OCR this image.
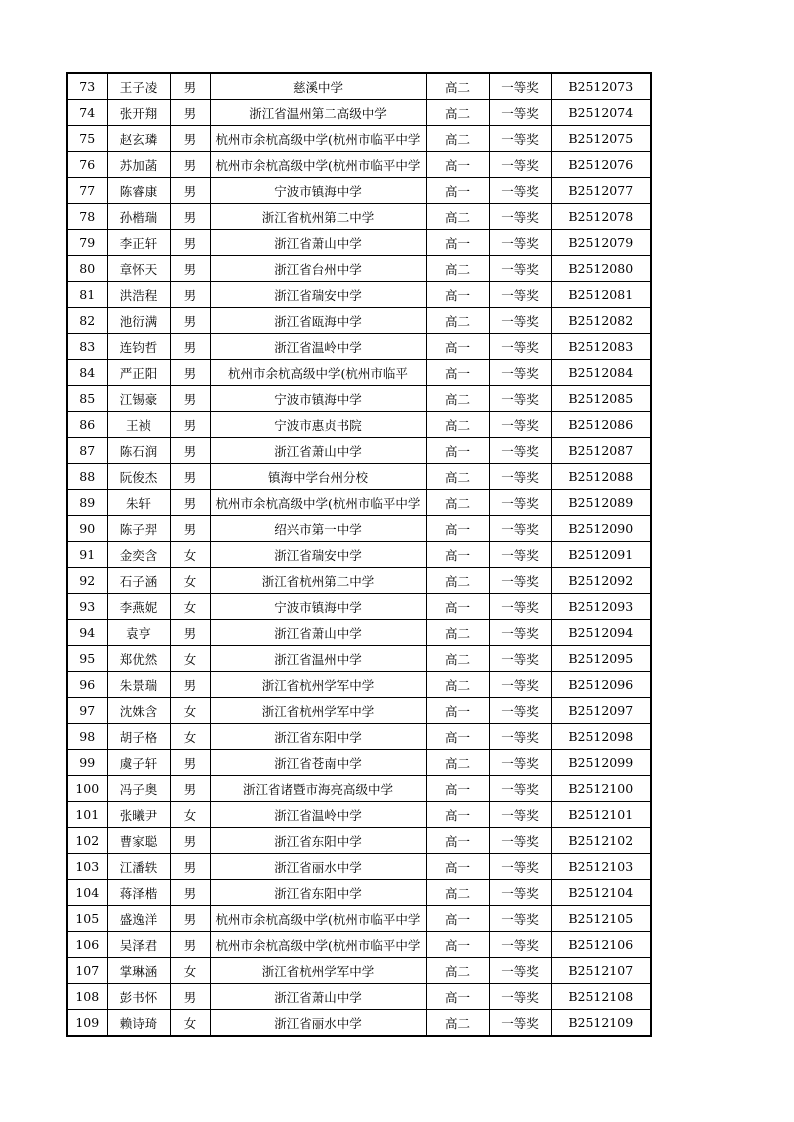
73	王子凌	男	慈溪中学	高二	一等奖	B2512073
74	张开翔	男	浙江省温州第二高级中学	高二	一等奖	B2512074
75	赵玄璘	男	杭州市余杭高级中学(杭州市临平中学	高二	一等奖	B2512075
76	苏加菡	男	杭州市余杭高级中学(杭州市临平中学	高一	一等奖	B2512076
77	陈睿康	男	宁波市镇海中学	高一	一等奖	B2512077
78	孙楷瑞	男	浙江省杭州第二中学	高二	一等奖	B2512078
79	李正轩	男	浙江省萧山中学	高一	一等奖	B2512079
80	章怀天	男	浙江省台州中学	高二	一等奖	B2512080
81	洪浩程	男	浙江省瑞安中学	高一	一等奖	B2512081
82	池衍满	男	浙江省瓯海中学	高二	一等奖	B2512082
83	连钧哲	男	浙江省温岭中学	高一	一等奖	B2512083
84	严正阳	男	杭州市余杭高级中学(杭州市临平	高一	一等奖	B2512084
85	江锡豪	男	宁波市镇海中学	高二	一等奖	B2512085
86	王祯	男	宁波市惠贞书院	高二	一等奖	B2512086
87	陈石润	男	浙江省萧山中学	高一	一等奖	B2512087
88	阮俊杰	男	镇海中学台州分校	高二	一等奖	B2512088
89	朱轩	男	杭州市余杭高级中学(杭州市临平中学	高二	一等奖	B2512089
90	陈子羿	男	绍兴市第一中学	高一	一等奖	B2512090
91	金奕含	女	浙江省瑞安中学	高一	一等奖	B2512091
92	石子涵	女	浙江省杭州第二中学	高二	一等奖	B2512092
93	李燕妮	女	宁波市镇海中学	高一	一等奖	B2512093
94	袁亨	男	浙江省萧山中学	高二	一等奖	B2512094
95	郑优然	女	浙江省温州中学	高二	一等奖	B2512095
96	朱景瑞	男	浙江省杭州学军中学	高二	一等奖	B2512096
97	沈姝含	女	浙江省杭州学军中学	高一	一等奖	B2512097
98	胡子格	女	浙江省东阳中学	高一	一等奖	B2512098
99	虞子轩	男	浙江省苍南中学	高二	一等奖	B2512099
100	冯子奥	男	浙江省诸暨市海亮高级中学	高一	一等奖	B2512100
101	张曦尹	女	浙江省温岭中学	高一	一等奖	B2512101
102	曹家聪	男	浙江省东阳中学	高一	一等奖	B2512102
103	江潘轶	男	浙江省丽水中学	高一	一等奖	B2512103
104	蒋泽楷	男	浙江省东阳中学	高二	一等奖	B2512104
105	盛逸洋	男	杭州市余杭高级中学(杭州市临平中学	高一	一等奖	B2512105
106	吴泽君	男	杭州市余杭高级中学(杭州市临平中学	高一	一等奖	B2512106
107	掌琳涵	女	浙江省杭州学军中学	高二	一等奖	B2512107
108	彭书怀	男	浙江省萧山中学	高一	一等奖	B2512108
109	赖诗琦	女	浙江省丽水中学	高二	一等奖	B2512109
